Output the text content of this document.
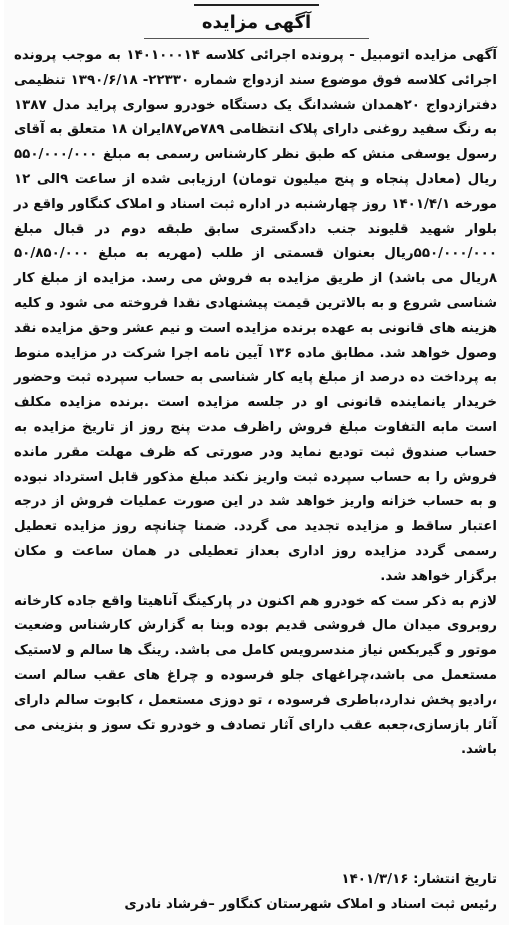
آگهی مزایده

آگهی مزایده اتومبیل - پرونده اجرائی کلاسه ۱۴۰۱۰۰۰۱۴ به موجب پرونده اجرائی کلاسه فوق موضوع سند ازدواج شماره ۲۲۳۳۰- ۱۳۹۰/۶/۱۸ تنظیمی دفترازدواج ۲۰همدان ششدانگ یک دستگاه خودرو سواری پراید مدل ۱۳۸۷ به رنگ سفید روغنی دارای پلاک انتظامی ۷۸۹ص۸۷ایران ۱۸ متعلق به آقای رسول یوسفی منش که طبق نظر کارشناس رسمی به مبلغ ۵۵۰/۰۰۰/۰۰۰ ریال (معادل پنجاه و پنج میلیون تومان) ارزیابی شده از ساعت ۹الی ۱۲ مورخه ۱۴۰۱/۴/۱ روز چهارشنبه در اداره ثبت اسناد و املاک کنگاور واقع در بلوار شهید قلیوند جنب دادگستری سابق طبقه دوم در قبال مبلغ ۵۵۰/۰۰۰/۰۰۰ریال بعنوان قسمتی از طلب (مهریه به مبلغ ۵۰/۸۵۰/۰۰۰ ۸ریال می باشد) از طریق مزایده به فروش می رسد. مزایده از مبلغ کار شناسی شروع و به بالاترین قیمت پیشنهادی نقدا فروخته می شود و کلیه هزینه های قانونی به عهده برنده مزایده است و نیم عشر وحق مزایده نقد وصول خواهد شد. مطابق ماده ۱۳۶ آیین نامه اجرا شرکت در مزایده منوط به پرداخت ده درصد از مبلغ پایه کار شناسی به حساب سپرده ثبت وحضور خریدار یانماینده قانونی او در جلسه مزایده است .برنده مزایده مکلف است مابه التفاوت مبلغ فروش راظرف مدت پنج روز از تاریخ مزایده به حساب صندوق ثبت تودیع نماید ودر صورتی که ظرف مهلت مقرر مانده فروش را به حساب سپرده ثبت واریز نکند مبلغ مذکور قابل استرداد نبوده و به حساب خزانه واریز خواهد شد در این صورت عملیات فروش از درجه اعتبار ساقط و مزایده تجدید می گردد. ضمنا چنانچه روز مزایده تعطیل رسمی گردد مزایده روز اداری بعداز تعطیلی در همان ساعت و مکان برگزار خواهد شد.

لازم به ذکر ست که خودرو هم اکنون در پارکینگ آناهیتا واقع جاده کارخانه روبروی میدان مال فروشی قدیم بوده وبنا به گزارش کارشناس وضعیت موتور و گیربکس نیاز مندسرویس کامل می باشد. رینگ ها سالم و لاستیک مستعمل می باشد،چراغهای جلو فرسوده و چراغ های عقب سالم است ،رادیو پخش ندارد،باطری فرسوده ، تو دوزی مستعمل ، کابوت سالم دارای آثار بازسازی،جعبه عقب دارای آثار تصادف و خودرو تک سوز و بنزینی می باشد.

تاریخ انتشار: ۱۴۰۱/۳/۱۶
رئیس ثبت اسناد و املاک شهرستان کنگاور –فرشاد نادری
